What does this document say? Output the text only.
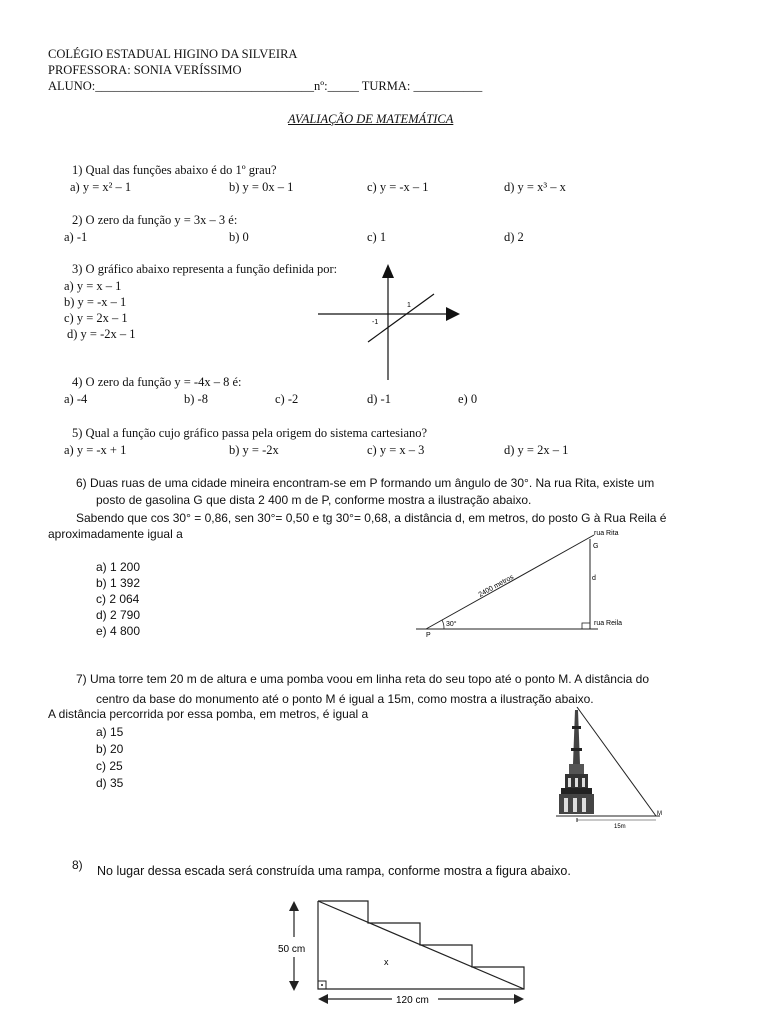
COLÉGIO ESTADUAL HIGINO DA SILVEIRA
PROFESSORA: SONIA VERÍSSIMO
ALUNO:___________________________________nº:_____ TURMA: ___________
AVALIAÇÃO DE MATEMÁTICA
1) Qual das funções abaixo é do 1º grau?
a) y = x² – 1	b) y = 0x – 1	c) y = -x – 1	d) y = x³ – x
2) O zero da função y = 3x – 3 é:
a) -1	b) 0	c) 1	d) 2
3) O gráfico abaixo representa a função definida por:
a) y = x – 1
b) y = -x – 1
c) y = 2x – 1
d) y = -2x – 1
-1
1
4) O zero da função y = -4x – 8 é:
a) -4	b) -8	c) -2	d) -1	e) 0
5) Qual a função cujo gráfico passa pela origem do sistema cartesiano?
a) y = -x + 1	b) y = -2x	c) y = x – 3	d) y = 2x – 1
6) Duas ruas de uma cidade mineira encontram-se em P formando um ângulo de 30°. Na rua Rita, existe um
posto de gasolina G que dista 2 400 m de P, conforme mostra a ilustração abaixo.
Sabendo que cos 30° = 0,86, sen 30°= 0,50 e tg 30°= 0,68, a distância d, em metros, do posto G à Rua Reila é
aproximadamente igual a
a) 1 200
b) 1 392
c) 2 064
d) 2 790
e) 4 800	30°
P
G
d
rua Rita
rua Reila
2400 metros
7) Uma torre tem 20 m de altura e uma pomba voou em linha reta do seu topo até o ponto M. A distância do
centro da base do monumento até o ponto M é igual a 15m, como mostra a ilustração abaixo.
A distância percorrida por essa pomba, em metros, é igual a
a) 15
b) 20
c) 25
d) 35
15m
M
8) No lugar dessa escada será construída uma rampa, conforme mostra a figura abaixo.
50 cm
120 cm
x
